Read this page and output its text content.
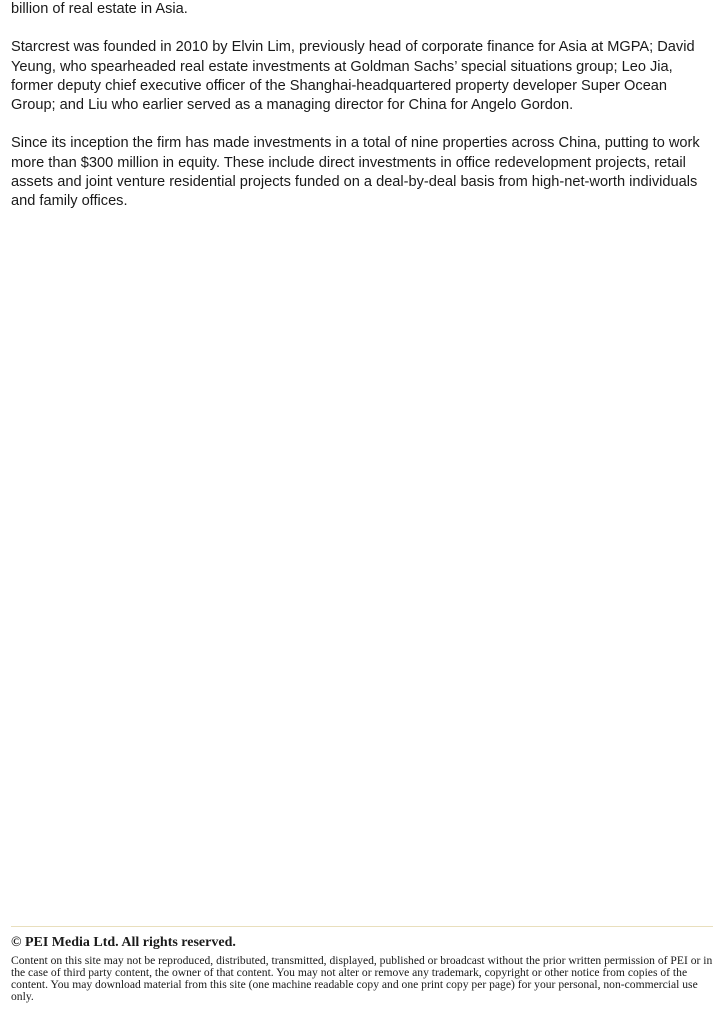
billion of real estate in Asia.

Starcrest was founded in 2010 by Elvin Lim, previously head of corporate finance for Asia at MGPA; David Yeung, who spearheaded real estate investments at Goldman Sachs’ special situations group; Leo Jia, former deputy chief executive officer of the Shanghai-headquartered property developer Super Ocean Group; and Liu who earlier served as a managing director for China for Angelo Gordon.

Since its inception the firm has made investments in a total of nine properties across China, putting to work more than $300 million in equity. These include direct investments in office redevelopment projects, retail assets and joint venture residential projects funded on a deal-by-deal basis from high-net-worth individuals and family offices.

© PEI Media Ltd. All rights reserved.

Content on this site may not be reproduced, distributed, transmitted, displayed, published or broadcast without the prior written permission of PEI or in the case of third party content, the owner of that content. You may not alter or remove any trademark, copyright or other notice from copies of the content. You may download material from this site (one machine readable copy and one print copy per page) for your personal, non-commercial use only.
